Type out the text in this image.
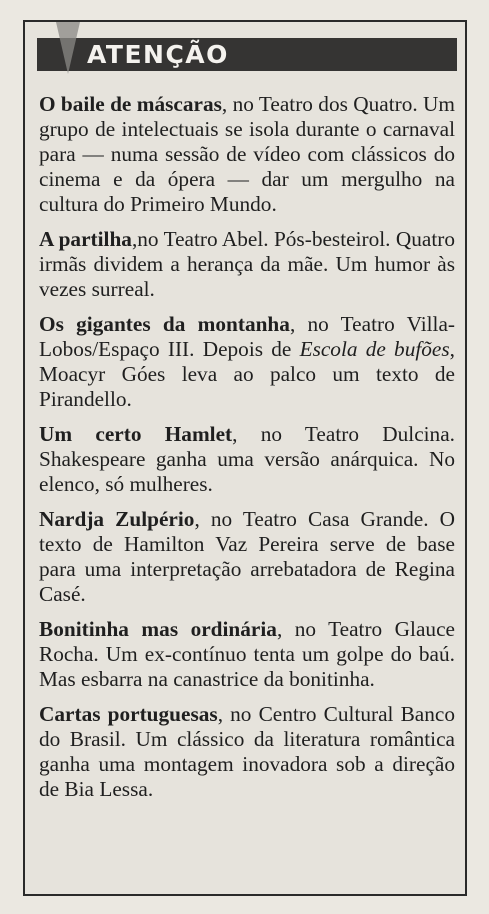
ATENÇÃO

O baile de máscaras, no Teatro dos Quatro. Um grupo de intelectuais se isola durante o carnaval para — numa sessão de vídeo com clássicos do cinema e da ópera — dar um mergulho na cultura do Primeiro Mundo.

A partilha,no Teatro Abel. Pós-besteirol. Quatro irmãs dividem a herança da mãe. Um humor às vezes surreal.

Os gigantes da montanha, no Teatro Villa-Lobos/Espaço III. Depois de Escola de bufões, Moacyr Góes leva ao palco um texto de Pirandello.

Um certo Hamlet, no Teatro Dulcina. Shakespeare ganha uma versão anárquica. No elenco, só mulheres.

Nardja Zulpério, no Teatro Casa Grande. O texto de Hamilton Vaz Pereira serve de base para uma interpretação arrebatadora de Regina Casé.

Bonitinha mas ordinária, no Teatro Glauce Rocha. Um ex-contínuo tenta um golpe do baú. Mas esbarra na canastrice da bonitinha.

Cartas portuguesas, no Centro Cultural Banco do Brasil. Um clássico da literatura romântica ganha uma montagem inovadora sob a direção de Bia Lessa.
